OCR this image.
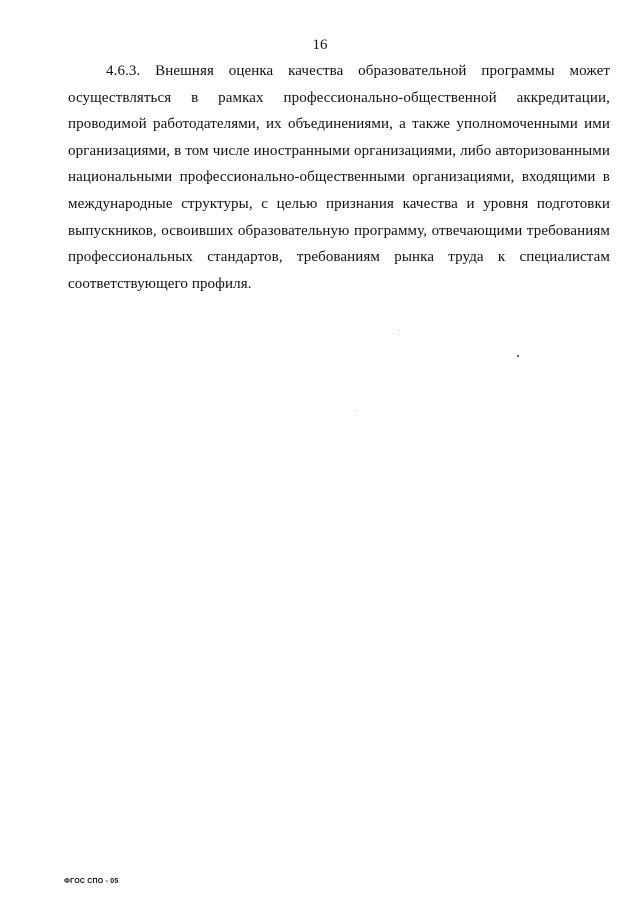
16

4.6.3. Внешняя оценка качества образовательной программы может осуществляться в рамках профессионально-общественной аккредитации, проводимой работодателями, их объединениями, а также уполномоченными ими организациями, в том числе иностранными организациями, либо авторизованными национальными профессионально-общественными организациями, входящими в международные структуры, с целью признания качества и уровня подготовки выпускников, освоивших образовательную программу, отвечающими требованиям профессиональных стандартов, требованиям рынка труда к специалистам соответствующего профиля.

ФГОС СПО - 05
